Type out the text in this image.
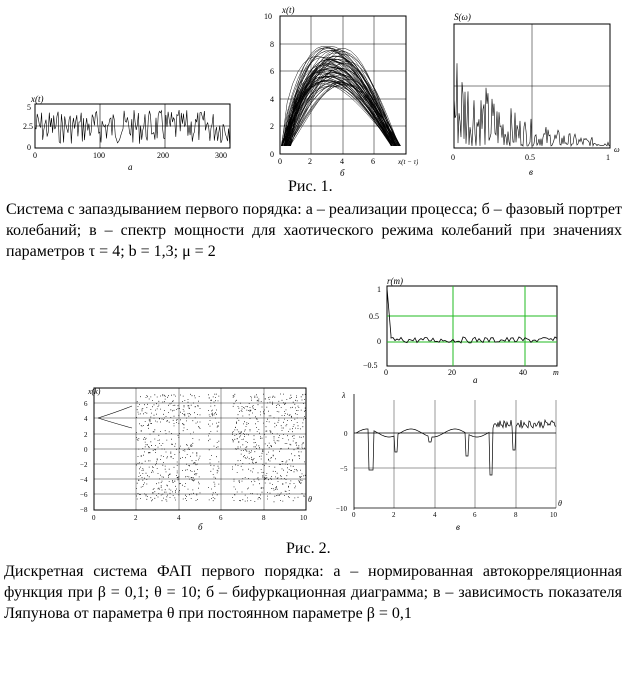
x(t)
5
2.5
0
0	100	200	300
а
x(t)
10
8
6
4
2
0
0	2	4	6	x(t − τ)
б
S(ω)
0	0.5	1
ω
в
Рис. 1.
Система с запаздыванием первого порядка: а – реализации процесса; б – фазовый портрет колебаний; в – спектр мощности для хаотического режима колебаний при значениях параметров τ = 4; b = 1,3; μ = 2
r(m)
1
0.5
0
−0.5
0	20	40	m
а
x(k)
6
4
2
0
−2
−4
−6
−8
0	2	4	6	8	10
θ
б
λ
0
−5
−10
0	2	4	6	8	10
θ
в
Рис. 2.
Дискретная система ФАП первого порядка: а – нормированная автокорреляционная функция при β = 0,1; θ = 10; б – бифуркационная диаграмма; в – зависимость показателя Ляпунова от параметра θ при постоянном параметре β = 0,1
